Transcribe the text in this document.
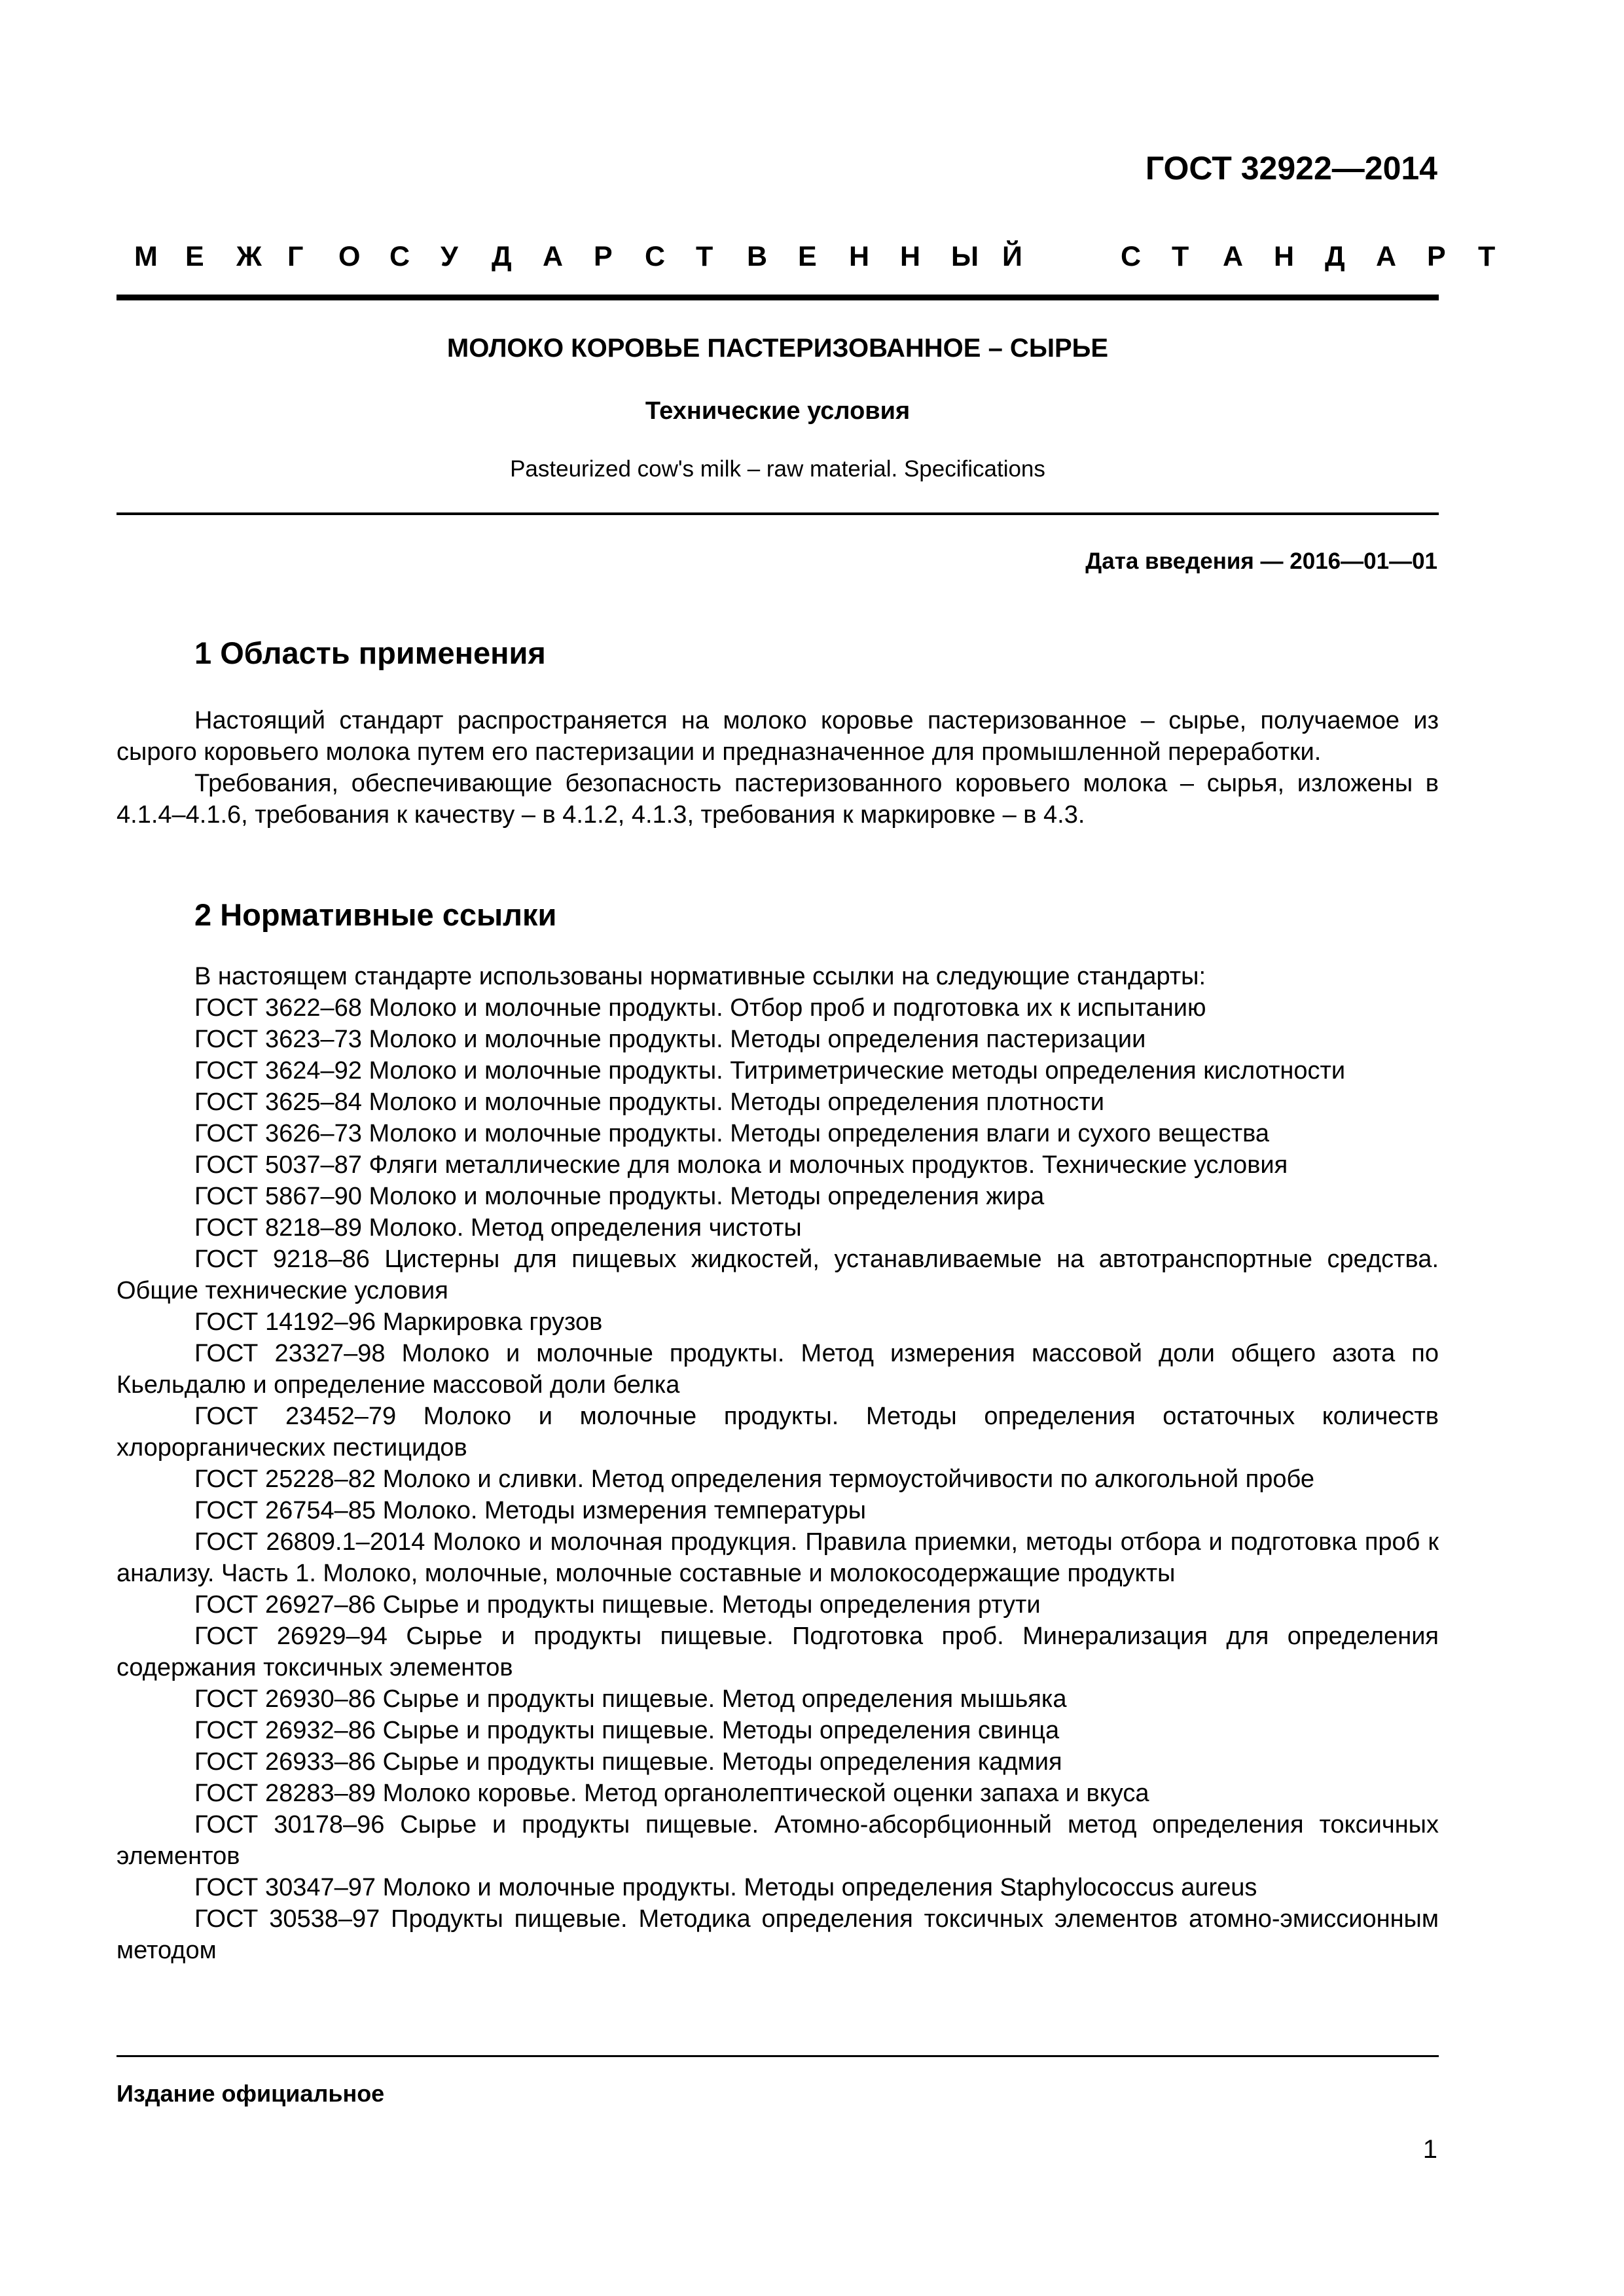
ГОСТ 32922—2014
М Е Ж Г О С У Д А Р С Т В Е Н Н Ы Й	С Т А Н Д А Р Т
МОЛОКО КОРОВЬЕ ПАСТЕРИЗОВАННОЕ – СЫРЬЕ
Технические условия
Pasteurized cow's milk – raw material. Specifications
Дата введения — 2016—01—01
1 Область применения

Настоящий стандарт распространяется на молоко коровье пастеризованное – сырье, получаемое из сырого коровьего молока путем его пастеризации и предназначенное для промышленной переработки.

Требования, обеспечивающие безопасность пастеризованного коровьего молока – сырья, изложены в 4.1.4–4.1.6, требования к качеству – в 4.1.2, 4.1.3, требования к маркировке – в 4.3.

2 Нормативные ссылки

В настоящем стандарте использованы нормативные ссылки на следующие стандарты:

ГОСТ 3622–68 Молоко и молочные продукты. Отбор проб и подготовка их к испытанию

ГОСТ 3623–73 Молоко и молочные продукты. Методы определения пастеризации

ГОСТ 3624–92 Молоко и молочные продукты. Титриметрические методы определения кислотности

ГОСТ 3625–84 Молоко и молочные продукты. Методы определения плотности

ГОСТ 3626–73 Молоко и молочные продукты. Методы определения влаги и сухого вещества

ГОСТ 5037–87 Фляги металлические для молока и молочных продуктов. Технические условия

ГОСТ 5867–90 Молоко и молочные продукты. Методы определения жира

ГОСТ 8218–89 Молоко. Метод определения чистоты

ГОСТ 9218–86 Цистерны для пищевых жидкостей, устанавливаемые на автотранспортные средства. Общие технические условия

ГОСТ 14192–96 Маркировка грузов

ГОСТ 23327–98 Молоко и молочные продукты. Метод измерения массовой доли общего азота по Кьельдалю и определение массовой доли белка

ГОСТ 23452–79 Молоко и молочные продукты. Методы определения остаточных количеств хлорорганических пестицидов

ГОСТ 25228–82 Молоко и сливки. Метод определения термоустойчивости по алкогольной пробе

ГОСТ 26754–85 Молоко. Методы измерения температуры

ГОСТ 26809.1–2014 Молоко и молочная продукция. Правила приемки, методы отбора и подготовка проб к анализу. Часть 1. Молоко, молочные, молочные составные и молокосодержащие продукты

ГОСТ 26927–86 Сырье и продукты пищевые. Методы определения ртути

ГОСТ 26929–94 Сырье и продукты пищевые. Подготовка проб. Минерализация для определения содержания токсичных элементов

ГОСТ 26930–86 Сырье и продукты пищевые. Метод определения мышьяка

ГОСТ 26932–86 Сырье и продукты пищевые. Методы определения свинца

ГОСТ 26933–86 Сырье и продукты пищевые. Методы определения кадмия

ГОСТ 28283–89 Молоко коровье. Метод органолептической оценки запаха и вкуса

ГОСТ 30178–96 Сырье и продукты пищевые. Атомно-абсорбционный метод определения токсичных элементов

ГОСТ 30347–97 Молоко и молочные продукты. Методы определения Staphylococcus aureus

ГОСТ 30538–97 Продукты пищевые. Методика определения токсичных элементов атомно-эмиссионным методом

Издание официальное
1
